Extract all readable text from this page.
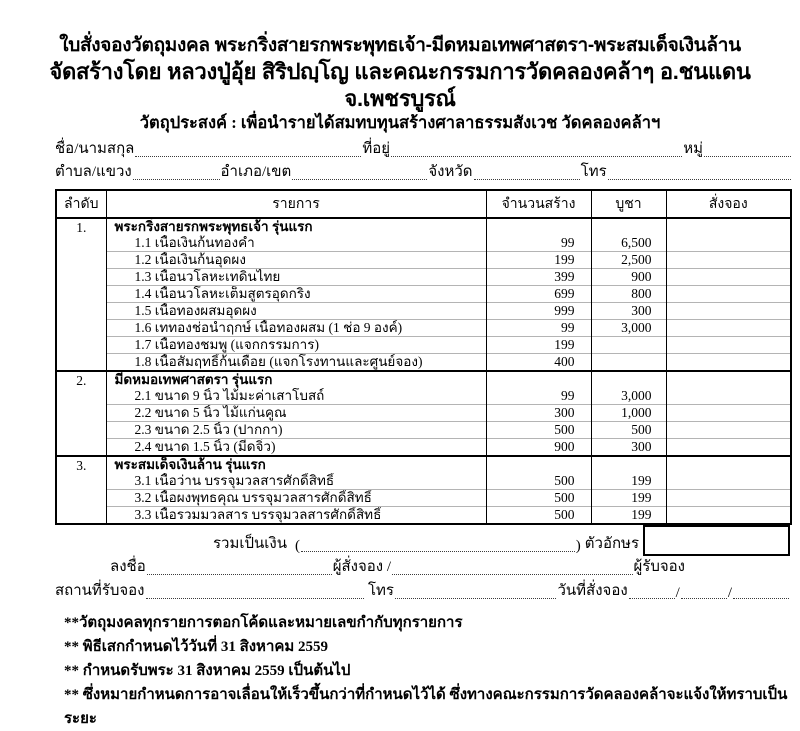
ใบสั่งจองวัตถุมงคล พระกริ่งสายรกพระพุทธเจ้า-มีดหมอเทพศาสตรา-พระสมเด็จเงินล้าน
จัดสร้างโดย หลวงปู่อุ้ย สิริปญฺโญ และคณะกรรมการวัดคลองคล้าๆ อ.ชนแดน จ.เพชรบูรณ์
วัตถุประสงค์ : เพื่อนำรายได้สมทบทุนสร้างศาลาธรรมสังเวช วัดคลองคล้าฯ
ชื่อ/นามสกุล	ที่อยู่	หมู่
ตำบล/แขวง	อำเภอ/เขต	จังหวัด	โทร
ลำดับ	รายการ	จำนวนสร้าง	บูชา	สั่งจอง
1.	พระกริ่งสายรกพระพุทธเจ้า รุ่นแรก			
	1.1 เนื้อเงินก้นทองคำ	99	6,500	
	1.2 เนื้อเงินก้นอุดผง	199	2,500	
	1.3 เนื้อนวโลหะเทดินไทย	399	900	
	1.4 เนื้อนวโลหะเต็มสูตรอุดกริ่ง	699	800	
	1.5 เนื้อทองผสมอุดผง	999	300	
	1.6 เททองช่อนำฤกษ์ เนื้อทองผสม (1 ช่อ 9 องค์)	99	3,000	
	1.7 เนื้อทองชมพู (แจกกรรมการ)	199		
	1.8 เนื้อสัมฤทธิ์ก้นเดือย (แจกโรงทานและศูนย์จอง)	400		
2.	มีดหมอเทพศาสตรา รุ่นแรก			
	2.1 ขนาด 9 นิ้ว ไม้มะค่าเสาโบสถ์	99	3,000	
	2.2 ขนาด 5 นิ้ว ไม้แก่นคูณ	300	1,000	
	2.3 ขนาด 2.5 นิ้ว (ปากกา)	500	500	
	2.4 ขนาด 1.5 นิ้ว (มีดจิ๋ว)	900	300	
3.	พระสมเด็จเงินล้าน รุ่นแรก			
	3.1 เนื้อว่าน บรรจุมวลสารศักดิ์สิทธิ์	500	199	
	3.2 เนื้อผงพุทธคุณ บรรจุมวลสารศักดิ์สิทธิ์	500	199	
	3.3 เนื้อรวมมวลสาร บรรจุมวลสารศักดิ์สิทธิ์	500	199	
รวมเป็นเงิน (	) ตัวอักษร
ลงชื่อ	ผู้สั่งจอง /	ผู้รับจอง
สถานที่รับจอง	โทร	วันที่สั่งจอง	/	/
**วัตถุมงคลทุกรายการตอกโค้ดและหมายเลขกำกับทุกรายการ
** พิธีเสกกำหนดไว้วันที่ 31 สิงหาคม 2559
** กำหนดรับพระ 31 สิงหาคม 2559 เป็นต้นไป
** ซึ่งหมายกำหนดการอาจเลื่อนให้เร็วขึ้นกว่าที่กำหนดไว้ได้ ซึ่งทางคณะกรรมการวัดคลองคล้าจะแจ้งให้ทราบเป็นระยะ
